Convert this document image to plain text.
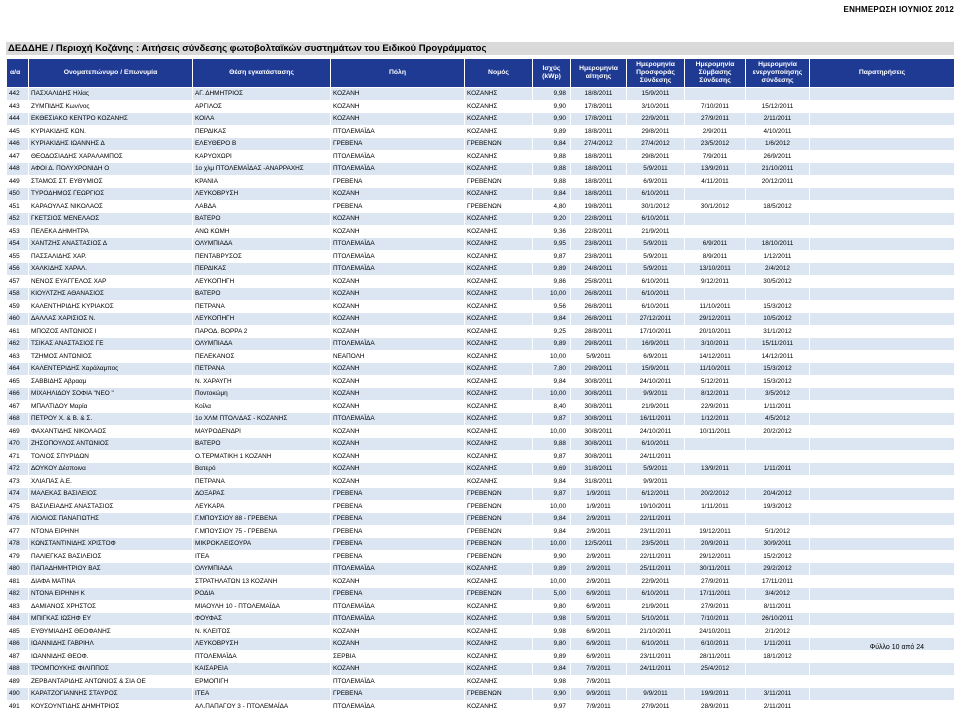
ΕΝΗΜΕΡΩΣΗ ΙΟΥΝΙΟΣ 2012
ΔΕΔΔΗΕ / Περιοχή Κοζάνης : Αιτήσεις σύνδεσης φωτοβολταϊκών συστημάτων του Ειδικού Προγράμματος
α/α	Ονοματεπώνυμο / Επωνυμία	Θέση εγκατάστασης	Πόλη	Νομός	Ισχύς (kWp)	Ημερομηνία αίτησης	Ημερομηνία Προσφοράς Σύνδεσης	Ημερομηνία Σύμβασης Σύνδεσης	Ημερομηνία ενεργοποίησης σύνδεσης	Παρατηρήσεις
442	ΠΑΣΧΑΛΙΔΗΣ Ηλίας	ΑΓ. ΔΗΜΗΤΡΙΟΣ	ΚΟΖΑΝΗ	ΚΟΖΑΝΗΣ	9,98	18/8/2011	15/9/2011			
443	ΖΥΜΠΙΔΗΣ Κων/νος	ΑΡΓΙΛΟΣ	ΚΟΖΑΝΗ	ΚΟΖΑΝΗΣ	9,90	17/8/2011	3/10/2011	7/10/2011	15/12/2011	
444	ΕΚΘΕΣΙΑΚΟ ΚΕΝΤΡΟ ΚΟΖΑΝΗΣ	ΚΟΙΛΑ	ΚΟΖΑΝΗ	ΚΟΖΑΝΗΣ	9,90	17/8/2011	22/9/2011	27/9/2011	2/11/2011	
445	ΚΥΡΙΑΚΙΔΗΣ ΚΩΝ.	ΠΕΡΔΙΚΑΣ	ΠΤΟΛΕΜΑΪΔΑ	ΚΟΖΑΝΗΣ	9,89	18/8/2011	29/8/2011	2/9/2011	4/10/2011	
446	ΚΥΡΙΑΚΙΔΗΣ ΙΩΑΝΝΗΣ Δ	ΕΛΕΥΘΕΡΟ Β	ΓΡΕΒΕΝΑ	ΓΡΕΒΕΝΩΝ	9,84	27/4/2012	27/4/2012	23/5/2012	1/6/2012	
447	ΘΕΟΔΟΣΙΑΔΗΣ ΧΑΡΑΛΑΜΠΟΣ	ΚΑΡΥΟΧΩΡΙ	ΠΤΟΛΕΜΑΪΔΑ	ΚΟΖΑΝΗΣ	9,88	18/8/2011	29/8/2011	7/9/2011	26/9/2011	
448	ΑΦΟΙ Δ. ΠΟΛΥΧΡΟΝΙΔΗ Ο	1ο χλμ ΠΤΟΛΕΜΑΪΔΑΣ -ΑΝΑΡΡΑΧΗΣ	ΠΤΟΛΕΜΑΪΔΑ	ΚΟΖΑΝΗΣ	9,88	18/8/2011	5/9/2011	13/9/2011	21/10/2011	
449	ΣΤΑΜΟΣ ΣΤ. ΕΥΘΥΜΙΟΣ	ΚΡΑΝΙΑ	ΓΡΕΒΕΝΑ	ΓΡΕΒΕΝΩΝ	9,88	18/8/2011	6/9/2011	4/11/2011	20/12/2011	
450	ΤΥΡΟΔΗΜΟΣ ΓΕΩΡΓΙΟΣ	ΛΕΥΚΟΒΡΥΣΗ	ΚΟΖΑΝΗ	ΚΟΖΑΝΗΣ	9,84	18/8/2011	6/10/2011			
451	ΚΑΡΑΟΥΛΑΣ ΝΙΚΟΛΑΟΣ	ΛΑΒΔΑ	ΓΡΕΒΕΝΑ	ΓΡΕΒΕΝΩΝ	4,80	19/8/2011	30/1/2012	30/1/2012	18/5/2012	
452	ΓΚΕΤΣΙΟΣ ΜΕΝΕΛΑΟΣ	ΒΑΤΕΡΟ	ΚΟΖΑΝΗ	ΚΟΖΑΝΗΣ	9,20	22/8/2011	6/10/2011			
453	ΠΕΛΕΚΑ ΔΗΜΗΤΡΑ	ΑΝΩ ΚΩΜΗ	ΚΟΖΑΝΗ	ΚΟΖΑΝΗΣ	9,36	22/8/2011	21/9/2011			
454	ΧΑΝΤΖΗΣ ΑΝΑΣΤΑΣΙΟΣ Δ	ΟΛΥΜΠΙΑΔΑ	ΠΤΟΛΕΜΑΪΔΑ	ΚΟΖΑΝΗΣ	9,95	23/8/2011	5/9/2011	6/9/2011	18/10/2011	
455	ΠΑΣΣΑΛΙΔΗΣ ΧΑΡ.	ΠΕΝΤΑΒΡΥΣΟΣ	ΠΤΟΛΕΜΑΪΔΑ	ΚΟΖΑΝΗΣ	9,87	23/8/2011	5/9/2011	8/9/2011	1/12/2011	
456	ΧΑΛΚΙΔΗΣ ΧΑΡΑΛ.	ΠΕΡΔΙΚΑΣ	ΠΤΟΛΕΜΑΪΔΑ	ΚΟΖΑΝΗΣ	9,89	24/8/2011	5/9/2011	13/10/2011	2/4/2012	
457	ΝΕΝΟΣ ΕΥΑΓΓΕΛΟΣ ΧΑΡ	ΛΕΥΚΟΠΗΓΗ	ΚΟΖΑΝΗ	ΚΟΖΑΝΗΣ	9,86	25/8/2011	6/10/2011	9/12/2011	30/5/2012	
458	ΚΙΟΥΛΤΖΗΣ ΑΘΑΝΑΣΙΟΣ	ΒΑΤΕΡΟ	ΚΟΖΑΝΗ	ΚΟΖΑΝΗΣ	10,00	26/8/2011	6/10/2011			
459	ΚΑΛΕΝΤΗΡΙΔΗΣ ΚΥΡΙΑΚΟΣ	ΠΕΤΡΑΝΑ	ΚΟΖΑΝΗ	ΚΟΖΑΝΗΣ	9,56	26/8/2011	6/10/2011	11/10/2011	15/3/2012	
460	ΔΑΛΛΑΣ ΧΑΡΙΣΙΟΣ Ν.	ΛΕΥΚΟΠΗΓΗ	ΚΟΖΑΝΗ	ΚΟΖΑΝΗΣ	9,84	26/8/2011	27/12/2011	29/12/2011	10/5/2012	
461	ΜΠΟΖΟΣ ΑΝΤΩΝΙΟΣ Ι	ΠΑΡΟΔ. ΒΟΡΡΑ 2	ΚΟΖΑΝΗ	ΚΟΖΑΝΗΣ	9,25	28/8/2011	17/10/2011	20/10/2011	31/1/2012	
462	ΤΣΙΚΑΣ ΑΝΑΣΤΑΣΙΟΣ ΓΕ	ΟΛΥΜΠΙΑΔΑ	ΠΤΟΛΕΜΑΪΔΑ	ΚΟΖΑΝΗΣ	9,89	29/8/2011	16/9/2011	3/10/2011	15/11/2011	
463	ΤΖΗΜΟΣ ΑΝΤΩΝΙΟΣ	ΠΕΛΕΚΑΝΟΣ	ΝΕΑΠΟΛΗ	ΚΟΖΑΝΗΣ	10,00	5/9/2011	6/9/2011	14/12/2011	14/12/2011	
464	ΚΑΛΕΝΤΕΡΙΔΗΣ Χαράλαμπος	ΠΕΤΡΑΝΑ	ΚΟΖΑΝΗ	ΚΟΖΑΝΗΣ	7,80	29/8/2011	15/9/2011	11/10/2011	15/3/2012	
465	ΣΑΒΒΙΔΗΣ Αβρααμ	Ν. ΧΑΡΑΥΓΗ	ΚΟΖΑΝΗ	ΚΟΖΑΝΗΣ	9,84	30/8/2011	24/10/2011	5/12/2011	15/3/2012	
466	ΜΙΧΑΗΛΙΔΟΥ ΣΟΦΙΑ "ΝΕΟ "	Ποντοκώμη	ΚΟΖΑΝΗ	ΚΟΖΑΝΗΣ	10,00	30/8/2011	9/9/2011	8/12/2011	3/5/2012	
467	ΜΠΑΛΤΙΔΟΥ Μαρία	Κοίλα	ΚΟΖΑΝΗ	ΚΟΖΑΝΗΣ	8,40	30/8/2011	21/9/2011	22/9/2011	1/11/2011	
468	ΠΕΤΡΟΥ Χ. & Β. & Σ.	1ο ΧΛΜ ΠΤΟΛ/ΔΑΣ - ΚΟΖΑΝΗΣ	ΠΤΟΛΕΜΑΪΔΑ	ΚΟΖΑΝΗΣ	9,87	30/8/2011	16/11/2011	1/12/2011	4/5/2012	
469	ΦΑΧΑΝΤΙΔΗΣ ΝΙΚΟΛΑΟΣ	ΜΑΥΡΟΔΕΝΔΡΙ	ΚΟΖΑΝΗ	ΚΟΖΑΝΗΣ	10,00	30/8/2011	24/10/2011	10/11/2011	20/2/2012	
470	ΖΗΣΟΠΟΥΛΟΣ ΑΝΤΩΝΙΟΣ	ΒΑΤΕΡΟ	ΚΟΖΑΝΗ	ΚΟΖΑΝΗΣ	9,88	30/8/2011	6/10/2011			
471	ΤΟΛΙΟΣ ΣΠΥΡΙΔΩΝ	Ο.ΤΕΡΜΑΤΙΚΗ 1 ΚΟΖΑΝΗ	ΚΟΖΑΝΗ	ΚΟΖΑΝΗΣ	9,87	30/8/2011	24/11/2011			
472	ΔΟΥΚΟΥ Δέσποινα	Βατερό	ΚΟΖΑΝΗ	ΚΟΖΑΝΗΣ	9,69	31/8/2011	5/9/2011	13/9/2011	1/11/2011	
473	ΧΛΙΑΠΑΣ Α.Ε.	ΠΕΤΡΑΝΑ	ΚΟΖΑΝΗ	ΚΟΖΑΝΗΣ	9,84	31/8/2011	9/9/2011			
474	ΜΑΛΕΚΑΣ ΒΑΣΙΛΕΙΟΣ	ΔΟΞΑΡΑΣ	ΓΡΕΒΕΝΑ	ΓΡΕΒΕΝΩΝ	9,87	1/9/2011	6/12/2011	20/2/2012	20/4/2012	
475	ΒΑΣΙΛΕΙΑΔΗΣ ΑΝΑΣΤΑΣΙΟΣ	ΛΕΥΚΑΡΑ	ΓΡΕΒΕΝΑ	ΓΡΕΒΕΝΩΝ	10,00	1/9/2011	19/10/2011	1/11/2011	19/3/2012	
476	ΛΙΟΛΙΟΣ ΠΑΝΑΓΙΩΤΗΣ	Γ.ΜΠΟΥΣΙΟΥ 88 - ΓΡΕΒΕΝΑ	ΓΡΕΒΕΝΑ	ΓΡΕΒΕΝΩΝ	9,84	2/9/2011	22/11/2011			
477	ΝΤΟΝΑ ΕΙΡΗΝΗ	Γ.ΜΠΟΥΣΙΟΥ 75 - ΓΡΕΒΕΝΑ	ΓΡΕΒΕΝΑ	ΓΡΕΒΕΝΩΝ	9,84	2/9/2011	23/11/2011	19/12/2011	5/1/2012	
478	ΚΩΝΣΤΑΝΤΙΝΙΔΗΣ ΧΡΙΣΤΟΦ	ΜΙΚΡΟΚΛΕΙΣΟΥΡΑ	ΓΡΕΒΕΝΑ	ΓΡΕΒΕΝΩΝ	10,00	12/5/2011	23/5/2011	20/9/2011	30/9/2011	
479	ΠΑΛΙΕΓΚΑΣ ΒΑΣΙΛΕΙΟΣ	ΙΤΕΑ	ΓΡΕΒΕΝΑ	ΓΡΕΒΕΝΩΝ	9,90	2/9/2011	22/11/2011	29/12/2011	15/2/2012	
480	ΠΑΠΑΔΗΜΗΤΡΙΟΥ ΒΑΣ	ΟΛΥΜΠΙΑΔΑ	ΠΤΟΛΕΜΑΪΔΑ	ΚΟΖΑΝΗΣ	9,89	2/9/2011	25/11/2011	30/11/2011	29/2/2012	
481	ΔΙΑΦΑ ΜΑΤΙΝΑ	ΣΤΡΑΤΗΛΑΤΩΝ 13 ΚΟΖΑΝΗ	ΚΟΖΑΝΗ	ΚΟΖΑΝΗΣ	10,00	2/9/2011	22/9/2011	27/9/2011	17/11/2011	
482	ΝΤΟΝΑ ΕΙΡΗΝΗ Κ	ΡΟΔΙΑ	ΓΡΕΒΕΝΑ	ΓΡΕΒΕΝΩΝ	5,00	6/9/2011	6/10/2011	17/11/2011	3/4/2012	
483	ΔΑΜΙΑΝΟΣ ΧΡΗΣΤΟΣ	ΜΙΑΟΥΛΗ 10 - ΠΤΟΛΕΜΑΪΔΑ	ΠΤΟΛΕΜΑΪΔΑ	ΚΟΖΑΝΗΣ	9,80	6/9/2011	21/9/2011	27/9/2011	8/11/2011	
484	ΜΠΙΓΚΑΣ ΙΩΣΗΦ ΕΥ	ΦΟΥΦΑΣ	ΠΤΟΛΕΜΑΪΔΑ	ΚΟΖΑΝΗΣ	9,98	5/9/2011	5/10/2011	7/10/2011	26/10/2011	
485	ΕΥΘΥΜΙΑΔΗΣ ΘΕΟΦΑΝΗΣ	Ν. ΚΛΕΙΤΟΣ	ΚΟΖΑΝΗ	ΚΟΖΑΝΗΣ	9,98	6/9/2011	21/10/2011	24/10/2011	2/1/2012	
486	ΙΩΑΝΝΙΔΗΣ ΓΑΒΡΙΗΛ	ΛΕΥΚΟΒΡΥΣΗ	ΚΟΖΑΝΗ	ΚΟΖΑΝΗΣ	9,80	6/9/2011	6/10/2011	6/10/2011	1/11/2011	
487	ΙΩΑΝΝΙΔΗΣ ΘΕΟΦ.	ΠΤΟΛΕΜΑΪΔΑ	ΣΕΡΒΙΑ	ΚΟΖΑΝΗΣ	9,89	6/9/2011	23/11/2011	28/11/2011	18/1/2012	
488	ΤΡΟΜΠΟΥΚΗΣ ΦΙΛΙΠΠΟΣ	ΚΑΙΣΑΡΕΙΑ	ΚΟΖΑΝΗ	ΚΟΖΑΝΗΣ	9,84	7/9/2011	24/11/2011	25/4/2012		
489	ΖΕΡΒΑΝΤΑΡΙΔΗΣ ΑΝΤΩΝΙΟΣ & ΣΙΑ ΟΕ	ΕΡΜΟΠΙΓΗ	ΠΤΟΛΕΜΑΪΔΑ	ΚΟΖΑΝΗΣ	9,98	7/9/2011				
490	ΚΑΡΑΤΖΟΓΙΑΝΝΗΣ ΣΤΑΥΡΟΣ	ΙΤΕΑ	ΓΡΕΒΕΝΑ	ΓΡΕΒΕΝΩΝ	9,90	9/9/2011	9/9/2011	19/9/2011	3/11/2011	
491	ΚΟΥΣΟΥΝΤΙΔΗΣ ΔΗΜΗΤΡΙΟΣ	ΑΛ.ΠΑΠΑΓΟΥ 3 - ΠΤΟΛΕΜΑΪΔΑ	ΠΤΟΛΕΜΑΪΔΑ	ΚΟΖΑΝΗΣ	9,97	7/9/2011	27/9/2011	28/9/2011	2/11/2011	
Φύλλο 10 από 24
